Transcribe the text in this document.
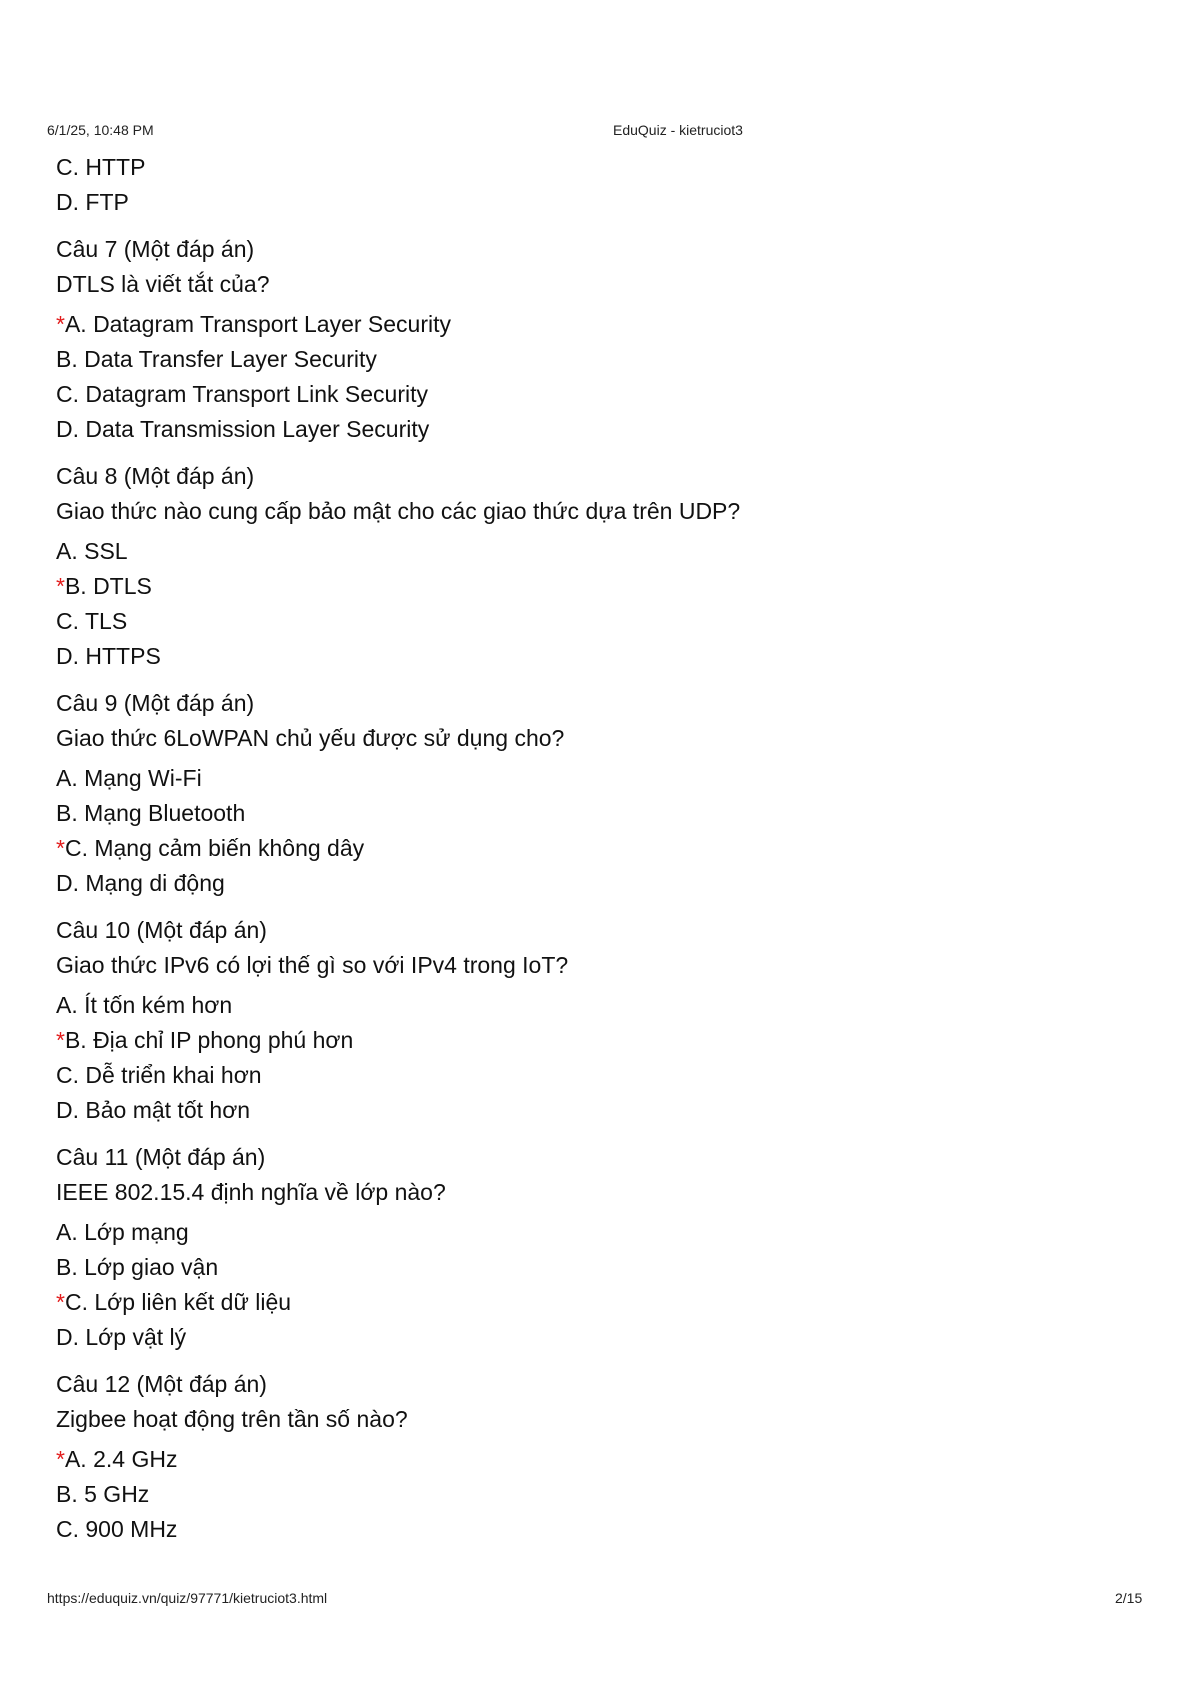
6/1/25, 10:48 PM	EduQuiz - kietruciot3
C. HTTP
D. FTP
Câu 7 (Một đáp án)
DTLS là viết tắt của?
*A. Datagram Transport Layer Security
B. Data Transfer Layer Security
C. Datagram Transport Link Security
D. Data Transmission Layer Security
Câu 8 (Một đáp án)
Giao thức nào cung cấp bảo mật cho các giao thức dựa trên UDP?
A. SSL
*B. DTLS
C. TLS
D. HTTPS
Câu 9 (Một đáp án)
Giao thức 6LoWPAN chủ yếu được sử dụng cho?
A. Mạng Wi-Fi
B. Mạng Bluetooth
*C. Mạng cảm biến không dây
D. Mạng di động
Câu 10 (Một đáp án)
Giao thức IPv6 có lợi thế gì so với IPv4 trong IoT?
A. Ít tốn kém hơn
*B. Địa chỉ IP phong phú hơn
C. Dễ triển khai hơn
D. Bảo mật tốt hơn
Câu 11 (Một đáp án)
IEEE 802.15.4 định nghĩa về lớp nào?
A. Lớp mạng
B. Lớp giao vận
*C. Lớp liên kết dữ liệu
D. Lớp vật lý
Câu 12 (Một đáp án)
Zigbee hoạt động trên tần số nào?
*A. 2.4 GHz
B. 5 GHz
C. 900 MHz
https://eduquiz.vn/quiz/97771/kietruciot3.html	2/15
